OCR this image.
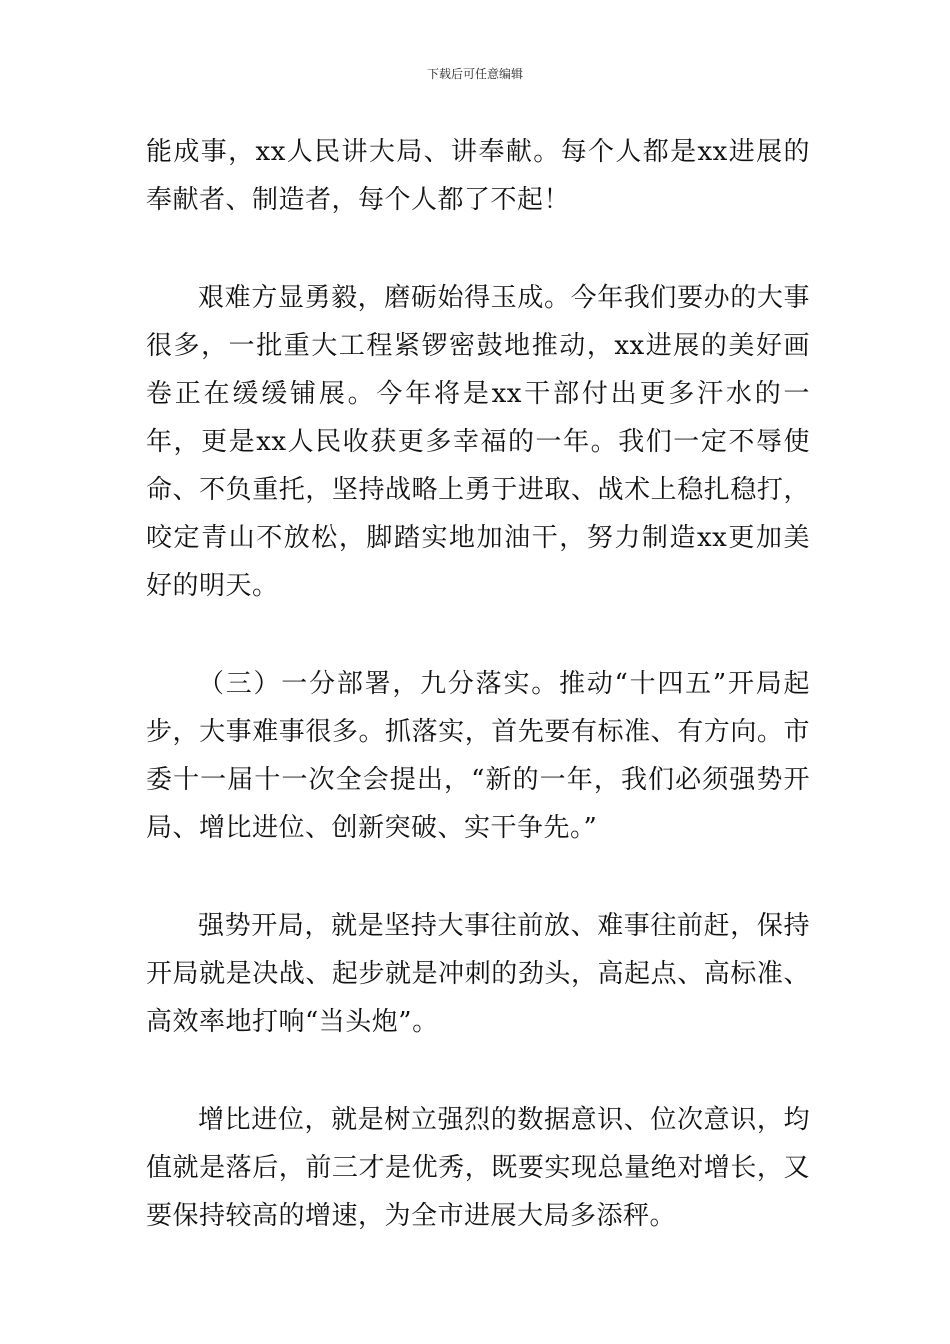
下载后可任意编辑

能成事，xx人民讲大局、讲奉献。每个人都是xx进展的奉献者、制造者，每个人都了不起！

艰难方显勇毅，磨砺始得玉成。今年我们要办的大事很多，一批重大工程紧锣密鼓地推动，xx进展的美好画卷正在缓缓铺展。今年将是xx干部付出更多汗水的一年，更是xx人民收获更多幸福的一年。我们一定不辱使命、不负重托，坚持战略上勇于进取、战术上稳扎稳打，咬定青山不放松，脚踏实地加油干，努力制造xx更加美好的明天。

（三）一分部署，九分落实。推动“十四五”开局起步，大事难事很多。抓落实，首先要有标准、有方向。市委十一届十一次全会提出，“新的一年，我们必须强势开局、增比进位、创新突破、实干争先。”

强势开局，就是坚持大事往前放、难事往前赶，保持开局就是决战、起步就是冲刺的劲头，高起点、高标准、高效率地打响“当头炮”。

增比进位，就是树立强烈的数据意识、位次意识，均值就是落后，前三才是优秀，既要实现总量绝对增长，又要保持较高的增速，为全市进展大局多添秤。
